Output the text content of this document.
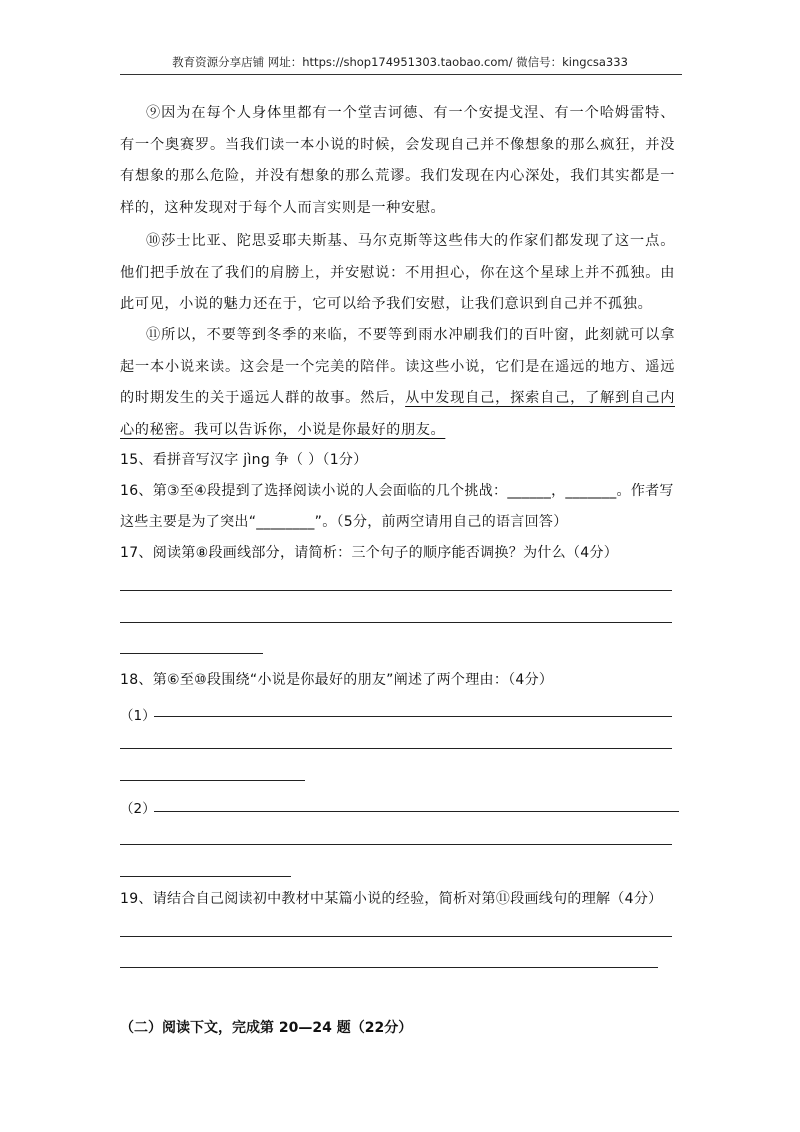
教育资源分享店铺 网址：https://shop174951303.taobao.com/ 微信号：kingcsa333
⑨因为在每个人身体里都有一个堂吉诃德、有一个安提戈涅、有一个哈姆雷特、有一个奥赛罗。当我们读一本小说的时候，会发现自己并不像想象的那么疯狂，并没有想象的那么危险，并没有想象的那么荒谬。我们发现在内心深处，我们其实都是一样的，这种发现对于每个人而言实则是一种安慰。
⑩莎士比亚、陀思妥耶夫斯基、马尔克斯等这些伟大的作家们都发现了这一点。他们把手放在了我们的肩膀上，并安慰说：不用担心，你在这个星球上并不孤独。由此可见，小说的魅力还在于，它可以给予我们安慰，让我们意识到自己并不孤独。
⑪所以，不要等到冬季的来临，不要等到雨水冲刷我们的百叶窗，此刻就可以拿起一本小说来读。这会是一个完美的陪伴。读这些小说，它们是在遥远的地方、遥远的时期发生的关于遥远人群的故事。然后，从中发现自己，探索自己，了解到自己内心的秘密。我可以告诉你，小说是你最好的朋友。
15、看拼音写汉字 jìng 争（ ）（1分）
16、第③至④段提到了选择阅读小说的人会面临的几个挑战：______，_______。作者写这些主要是为了突出“________”。（5分，前两空请用自己的语言回答）
17、阅读第⑧段画线部分，请简析：三个句子的顺序能否调换？为什么（4分）
18、第⑥至⑩段围绕“小说是你最好的朋友”阐述了两个理由：（4分）
（1）
（2）
19、请结合自己阅读初中教材中某篇小说的经验，简析对第⑪段画线句的理解（4分）
（二）阅读下文，完成第 20—24 题（22分）
